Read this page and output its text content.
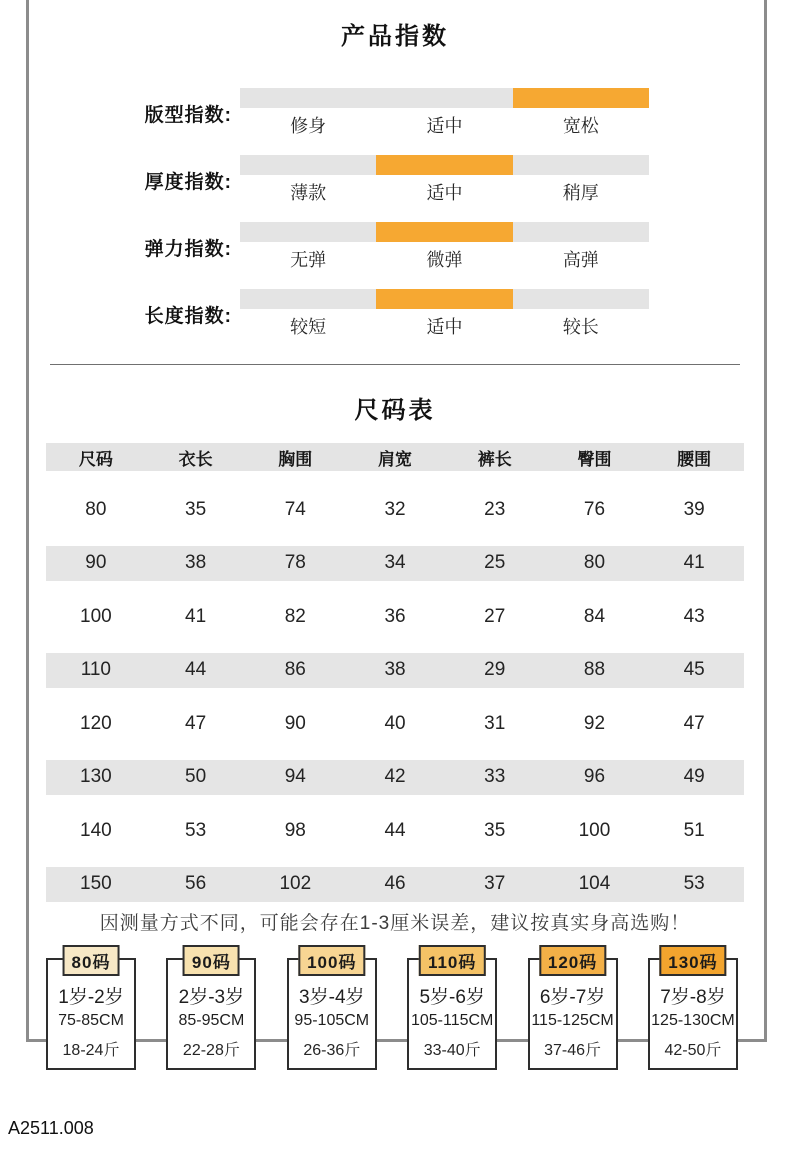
产品指数
版型指数:	修身	适中	宽松
厚度指数:	薄款	适中	稍厚
弹力指数:	无弹	微弹	高弹
长度指数:	较短	适中	较长
尺码表
尺码	衣长	胸围	肩宽	裤长	臀围	腰围
80	35	74	32	23	76	39
90	38	78	34	25	80	41
100	41	82	36	27	84	43
110	44	86	38	29	88	45
120	47	90	40	31	92	47
130	50	94	42	33	96	49
140	53	98	44	35	100	51
150	56	102	46	37	104	53
因测量方式不同，可能会存在1-3厘米误差，建议按真实身高选购！
80码
1岁-2岁
75-85CM
18-24斤
90码
2岁-3岁
85-95CM
22-28斤
100码
3岁-4岁
95-105CM
26-36斤
110码
5岁-6岁
105-115CM
33-40斤
120码
6岁-7岁
115-125CM
37-46斤
130码
7岁-8岁
125-130CM
42-50斤
A2511.008
